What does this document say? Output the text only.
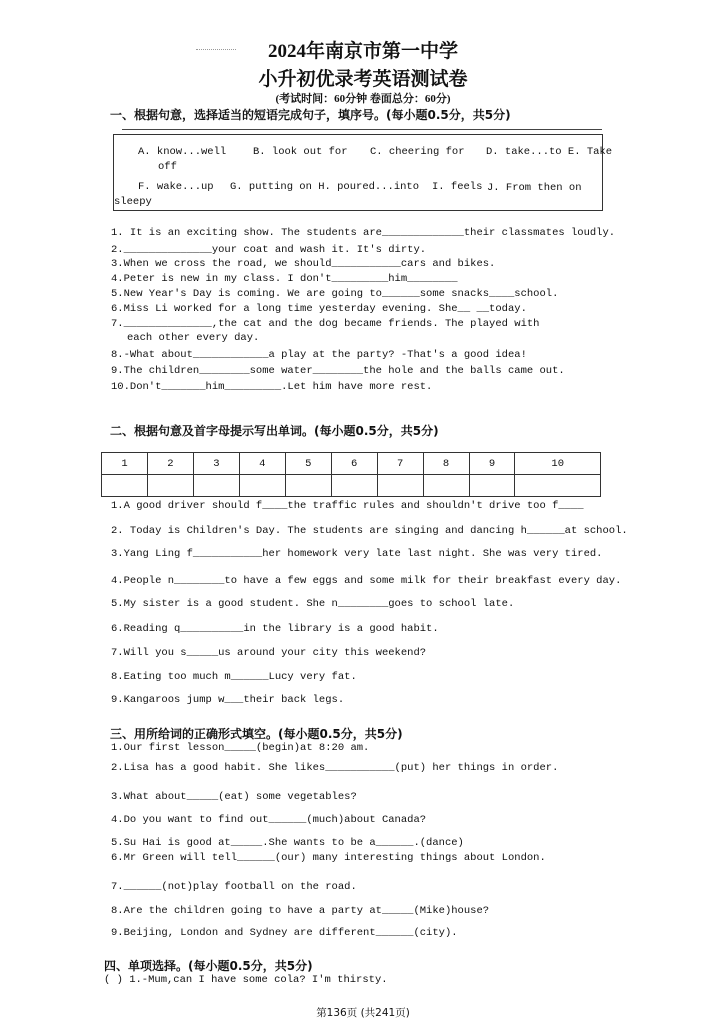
2024年南京市第一中学
小升初优录考英语测试卷
(考试时间：60分钟 卷面总分：60分)
一、根据句意，选择适当的短语完成句子，填序号。(每小题0.5分，共5分)
A. know...well	B. look out for C. cheering for D. take...to E. Take
off
F. wake...up G. putting on H. poured...into I. feels J. From then on
sleepy
1. It is an exciting show. The students are_____________their classmates loudly.
2.______________your coat and wash it. It's dirty.
3.When we cross the road, we should___________cars and bikes.
4.Peter is new in my class. I don't_________him________
5.New Year's Day is coming. We are going to______some snacks____school.
6.Miss Li worked for a long time yesterday evening. She__ __today.
7.______________,the cat and the dog became friends. The played with
each other every day.
8.-What about____________a play at the party? -That's a good idea!
9.The children________some water________the hole and the balls came out.
10.Don't_______him_________.Let him have more rest.
二、根据句意及首字母提示写出单词。(每小题0.5分，共5分)
1	2	3	4	5	6	7	8	9	10

1.A good driver should f____the traffic rules and shouldn't drive too f____
2. Today is Children's Day. The students are singing and dancing h______at school.
3.Yang Ling f___________her homework very late last night. She was very tired.
4.People n________to have a few eggs and some milk for their breakfast every day.
5.My sister is a good student. She n________goes to school late.
6.Reading q__________in the library is a good habit.
7.Will you s_____us around your city this weekend?
8.Eating too much m______Lucy very fat.
9.Kangaroos jump w___their back legs.
三、用所给词的正确形式填空。(每小题0.5分，共5分)
1.Our first lesson_____(begin)at 8:20 am.
2.Lisa has a good habit. She likes___________(put) her things in order.
3.What about_____(eat) some vegetables?
4.Do you want to find out______(much)about Canada?
5.Su Hai is good at_____.She wants to be a______.(dance)
6.Mr Green will tell______(our) many interesting things about London.
7.______(not)play football on the road.
8.Are the children going to have a party at_____(Mike)house?
9.Beijing, London and Sydney are different______(city).
四、单项选择。(每小题0.5分，共5分)
( ) 1.-Mum,can I have some cola? I'm thirsty.
第136页 (共241页)
